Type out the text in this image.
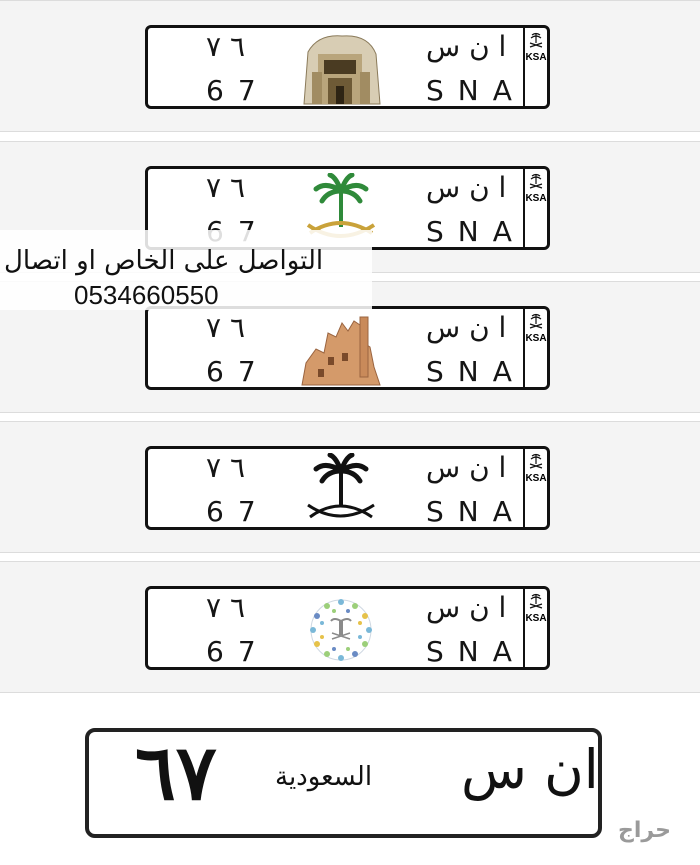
٦ ٧
67
ا ن س
SNA
KSA
٦ ٧	ا ن س
SNA
KSA
٦ ٧
67
ا ن س
SNA
KSA
٦ ٧
67
ا ن س
SNA
KSA
٦ ٧
67
ا ن س
SNA
KSA
التواصل على الخاص او اتصال
0534660550
٦٧ السعودية ان س
حراج
